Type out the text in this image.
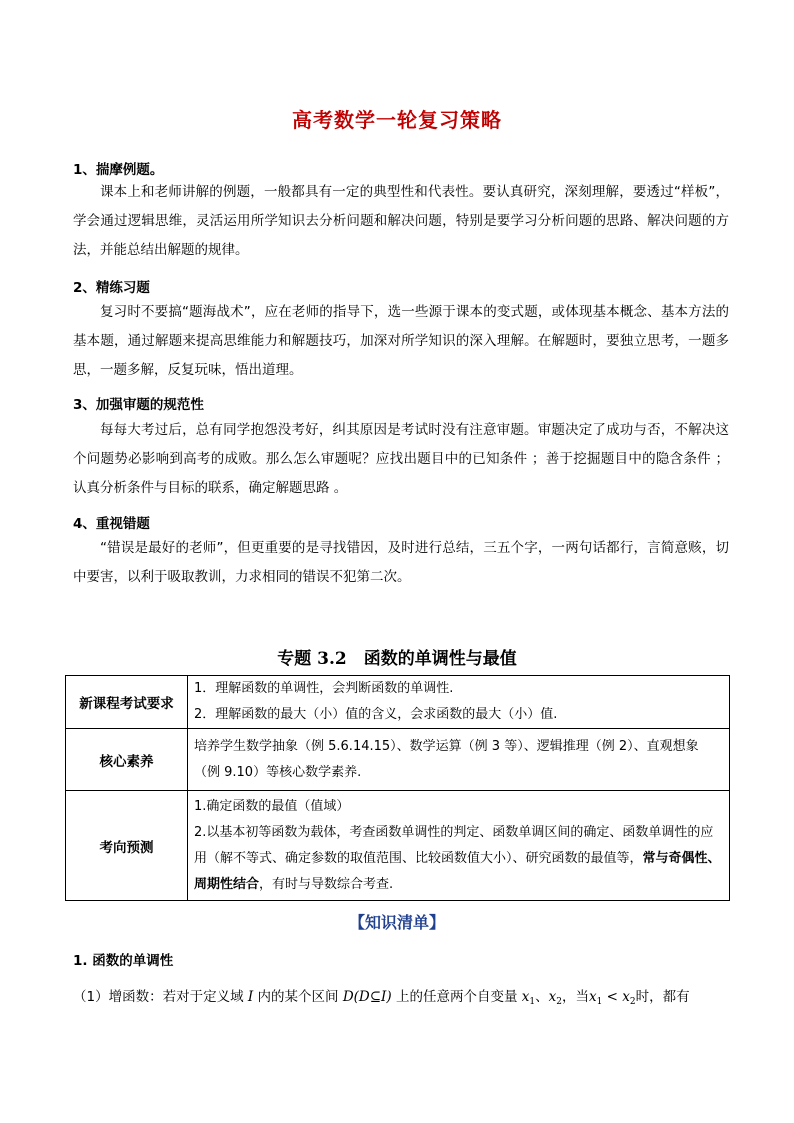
高考数学一轮复习策略
1、揣摩例题。
课本上和老师讲解的例题，一般都具有一定的典型性和代表性。要认真研究，深刻理解，要透过“样板”，学会通过逻辑思维，灵活运用所学知识去分析问题和解决问题，特别是要学习分析问题的思路、解决问题的方法，并能总结出解题的规律。
2、精练习题
复习时不要搞“题海战术”，应在老师的指导下，选一些源于课本的变式题，或体现基本概念、基本方法的基本题，通过解题来提高思维能力和解题技巧，加深对所学知识的深入理解。在解题时，要独立思考，一题多思，一题多解，反复玩味，悟出道理。
3、加强审题的规范性
每每大考过后，总有同学抱怨没考好，纠其原因是考试时没有注意审题。审题决定了成功与否，不解决这个问题势必影响到高考的成败。那么怎么审题呢？应找出题目中的已知条件 ；善于挖掘题目中的隐含条件 ；认真分析条件与目标的联系，确定解题思路 。
4、重视错题
“错误是最好的老师”，但更重要的是寻找错因，及时进行总结，三五个字，一两句话都行，言简意赅，切中要害，以利于吸取教训，力求相同的错误不犯第二次。
专题 3.2　函数的单调性与最值
新课程考试要求	1．理解函数的单调性，会判断函数的单调性.
2．理解函数的最大（小）值的含义，会求函数的最大（小）值.

核心素养	培养学生数学抽象（例 5.6.14.15）、数学运算（例 3 等）、逻辑推理（例 2）、直观想象（例 9.10）等核心数学素养.
考向预测	1.确定函数的最值（值域）
2.以基本初等函数为载体，考查函数单调性的判定、函数单调区间的确定、函数单调性的应用（解不等式、确定参数的取值范围、比较函数值大小）、研究函数的最值等，常与奇偶性、周期性结合，有时与导数综合考查.
【知识清单】
1. 函数的单调性
（1）增函数：若对于定义域 I 内的某个区间 D(D⊆I) 上的任意两个自变量 $x_1$、$x_2$，当$x_1 < x_2$时，都有
